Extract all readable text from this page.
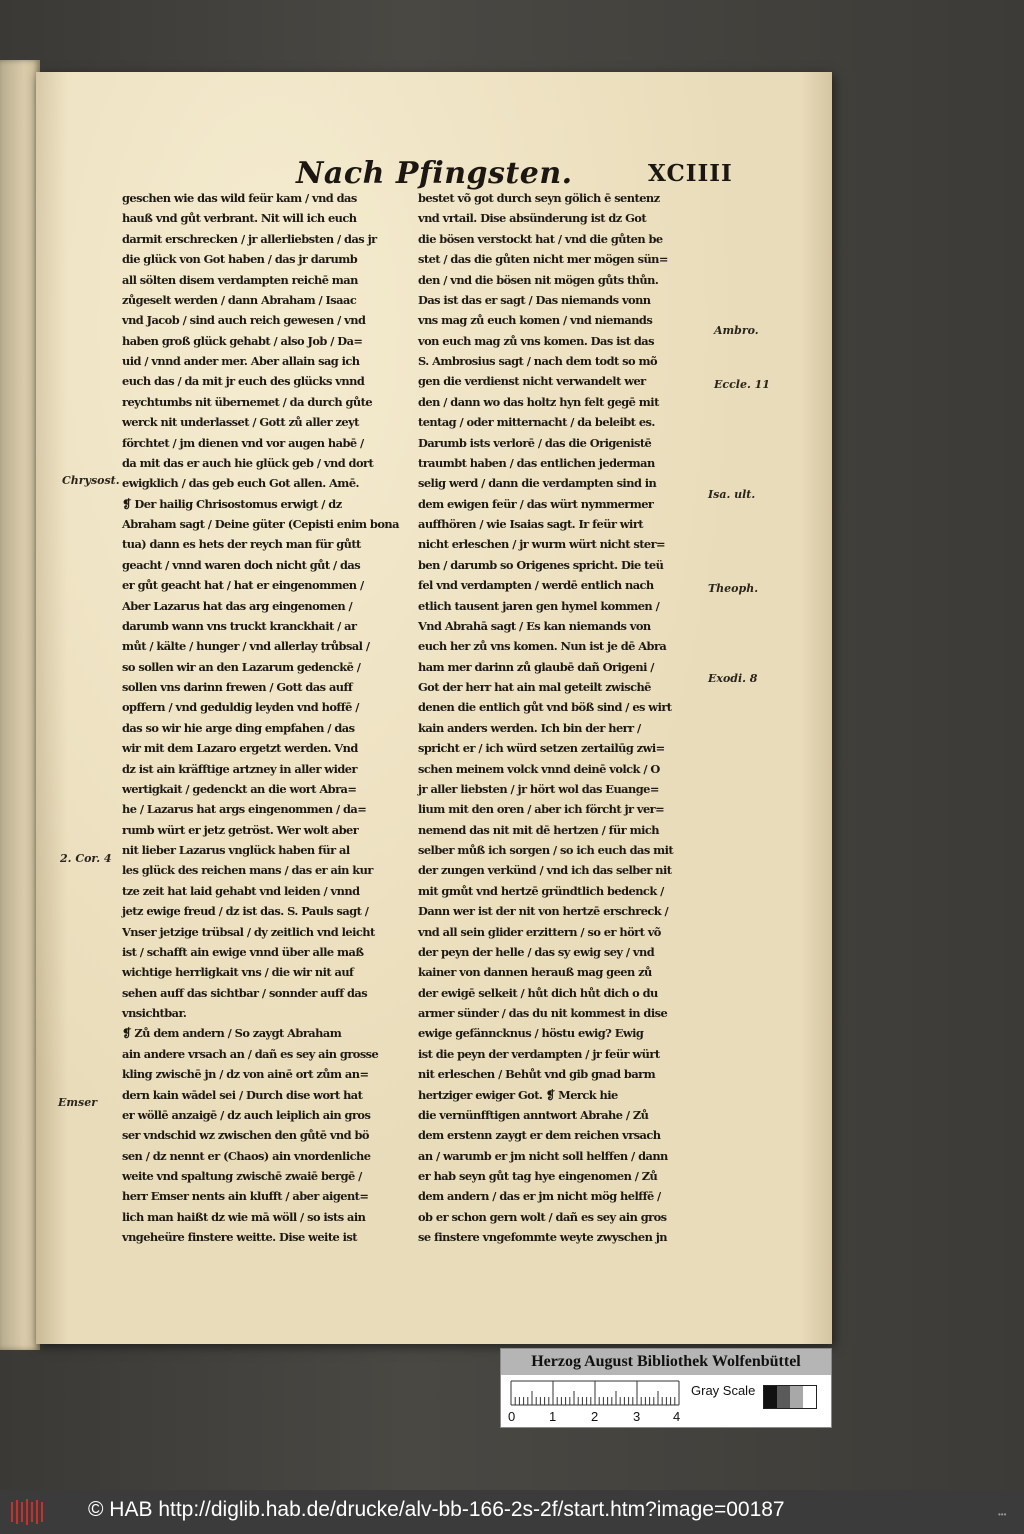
Nach Pfingsten.	XCIIII
geschen wie das wild feür kam / vnd das
hauß vnd gůt verbrant. Nit will ich euch
darmit erschrecken / jr allerliebsten / das jr
die glück von Got haben / das jr darumb
all sölten disem verdampten reichē man
zůgeselt werden / dann Abraham / Isaac
vnd Jacob / sind auch reich gewesen / vnd
haben groß glück gehabt / also Job / Da=
uid / vnnd ander mer. Aber allain sag ich
euch das / da mit jr euch des glücks vnnd
reychtumbs nit übernemet / da durch gůte
werck nit underlasset / Gott zů aller zeyt
förchtet / jm dienen vnd vor augen habē /
da mit das er auch hie glück geb / vnd dort
ewigklich / das geb euch Got allen. Amē.
❡ Der hailig Chrisostomus erwigt / dz
Abraham sagt / Deine güter (Cepisti enim bona
tua) dann es hets der reych man für gůtt
geacht / vnnd waren doch nicht gůt / das
er gůt geacht hat / hat er eingenommen /
Aber Lazarus hat das arg eingenomen /
darumb wann vns truckt kranckhait / ar
můt / kälte / hunger / vnd allerlay trůbsal /
so sollen wir an den Lazarum gedenckē /
sollen vns darinn frewen / Gott das auff
opffern / vnd geduldig leyden vnd hoffē /
das so wir hie arge ding empfahen / das
wir mit dem Lazaro ergetzt werden. Vnd
dz ist ain kräfftige artzney in aller wider
wertigkait / gedenckt an die wort Abra=
he / Lazarus hat args eingenommen / da=
rumb würt er jetz getröst. Wer wolt aber
nit lieber Lazarus vnglück haben für al
les glück des reichen mans / das er ain kur
tze zeit hat laid gehabt vnd leiden / vnnd
jetz ewige freud / dz ist das. S. Pauls sagt /
Vnser jetzige trübsal / dy zeitlich vnd leicht
ist / schafft ain ewige vnnd über alle maß
wichtige herrligkait vns / die wir nit auf
sehen auff das sichtbar / sonnder auff das
vnsichtbar.
❡ Zů dem andern / So zaygt Abraham
ain andere vrsach an / dañ es sey ain grosse
kling zwischē jn / dz von ainē ort zům an=
dern kain wādel sei / Durch dise wort hat
er wöllē anzaigē / dz auch leiplich ain gros
ser vndschid wz zwischen den gůtē vnd bö
sen / dz nennt er (Chaos) ain vnordenliche
weite vnd spaltung zwischē zwaiē bergē /
herr Emser nents ain klufft / aber aigent=
lich man haißt dz wie mā wöll / so ists ain
vngeheüre finstere weitte. Dise weite ist
bestet võ got durch seyn gölich ē sentenz
vnd vrtail. Dise absünderung ist dz Got
die bösen verstockt hat / vnd die gůten be
stet / das die gůten nicht mer mögen sün=
den / vnd die bösen nit mögen gůts thůn.
Das ist das er sagt / Das niemands vonn
vns mag zů euch komen / vnd niemands
von euch mag zů vns komen. Das ist das
S. Ambrosius sagt / nach dem todt so mõ
gen die verdienst nicht verwandelt wer
den / dann wo das holtz hyn felt gegē mit
tentag / oder mitternacht / da beleibt es.
Darumb ists verlorē / das die Origenistē
traumbt haben / das entlichen jederman
selig werd / dann die verdampten sind in
dem ewigen feür / das würt nymmermer
auffhören / wie Isaias sagt. Ir feür wirt
nicht erleschen / jr wurm würt nicht ster=
ben / darumb so Origenes spricht. Die teü
fel vnd verdampten / werdē entlich nach
etlich tausent jaren gen hymel kommen /
Vnd Abrahā sagt / Es kan niemands von
euch her zů vns komen. Nun ist je dē Abra
ham mer darinn zů glaubē dañ Origeni /
Got der herr hat ain mal geteilt zwischē
denen die entlich gůt vnd böß sind / es wirt
kain anders werden. Ich bin der herr /
spricht er / ich würd setzen zertailūg zwi=
schen meinem volck vnnd deinē volck / O
jr aller liebsten / jr hört wol das Euange=
lium mit den oren / aber ich förcht jr ver=
nemend das nit mit dē hertzen / für mich
selber můß ich sorgen / so ich euch das mit
der zungen verkünd / vnd ich das selber nit
mit gmůt vnd hertzē gründtlich bedenck /
Dann wer ist der nit von hertzē erschreck /
vnd all sein glider erzittern / so er hört võ
der peyn der helle / das sy ewig sey / vnd
kainer von dannen herauß mag geen zů
der ewigē selkeit / hůt dich hůt dich o du
armer sünder / das du nit kommest in dise
ewige gefänncknus / höstu ewig? Ewig
ist die peyn der verdampten / jr feür würt
nit erleschen / Behůt vnd gib gnad barm
hertziger ewiger Got. ❡ Merck hie
die vernünfftigen anntwort Abrahe / Zů
dem erstenn zaygt er dem reichen vrsach
an / warumb er jm nicht soll helffen / dann
er hab seyn gůt tag hye eingenomen / Zů
dem andern / das er jm nicht mög helffē /
ob er schon gern wolt / dañ es sey ain gros
se finstere vngefommte weyte zwyschen jn
Chrysost.
2. Cor. 4
Emser
Ambro.
Eccle. 11
Isa. ult.
Theoph.
Exodi. 8
Herzog August Bibliothek Wolfenbüttel
0	1	2	3	4
Gray Scale
© HAB http://diglib.hab.de/drucke/alv-bb-166-2s-2f/start.htm?image=00187	•••
